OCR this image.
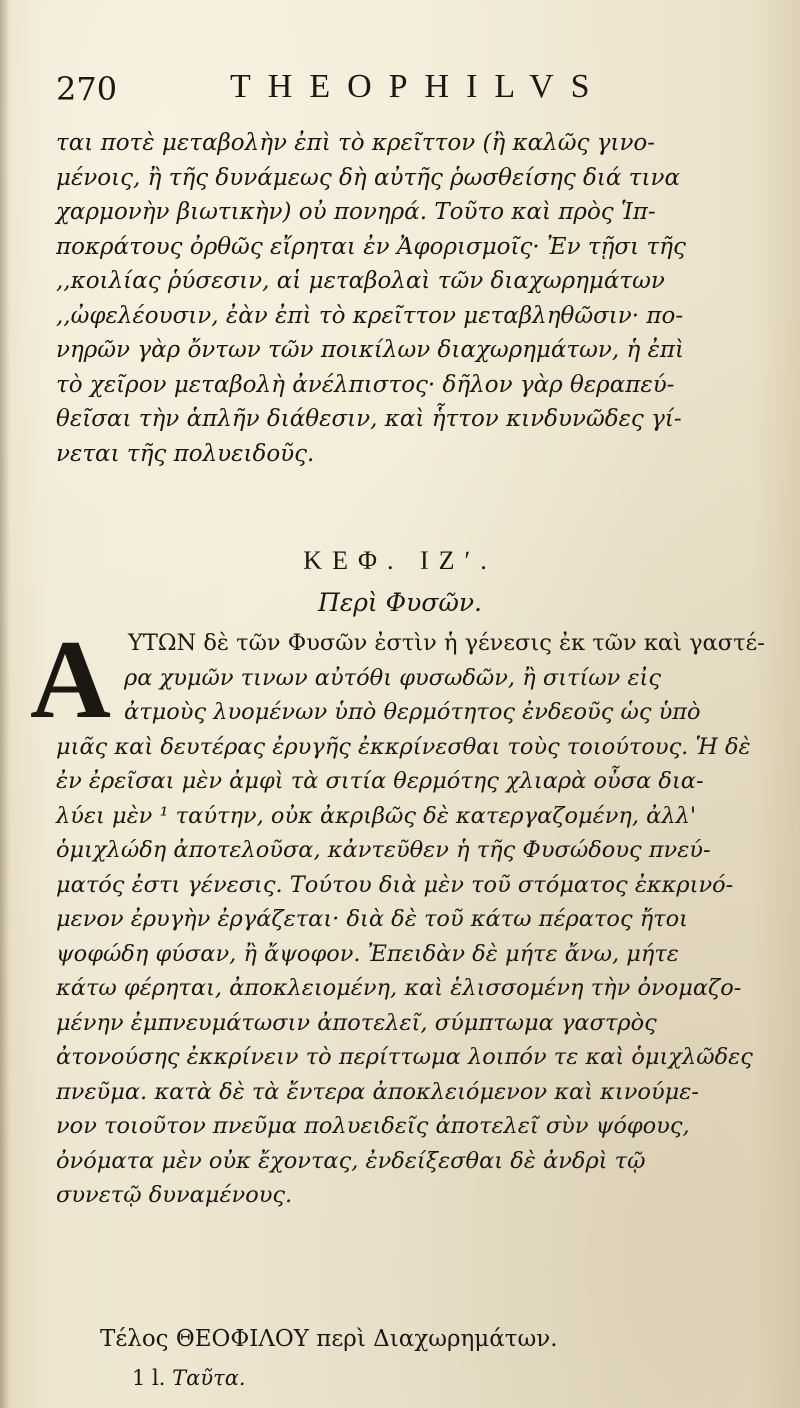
270	THEOPHILVS
ται ποτὲ μεταβολὴν ἐπὶ τὸ κρεῖττον (ἢ καλῶς γινο-
μένοις, ἢ τῆς δυνάμεως δὴ αὐτῆς ῥωσθείσης διά τινα
χαρμονὴν βιωτικὴν) οὐ πονηρά. Τοῦτο καὶ πρὸς Ἱπ-
ποκράτους ὀρθῶς εἴρηται ἐν Ἀφορισμοῖς· Ἐν τῇσι τῆς
,,κοιλίας ῥύσεσιν, αἱ μεταβολαὶ τῶν διαχωρημάτων
,,ὠφελέουσιν, ἐὰν ἐπὶ τὸ κρεῖττον μεταβληθῶσιν· πο-
νηρῶν γὰρ ὄντων τῶν ποικίλων διαχωρημάτων, ἡ ἐπὶ
τὸ χεῖρον μεταβολὴ ἀνέλπιστος· δῆλον γὰρ θεραπεύ-
θεῖσαι τὴν ἁπλῆν διάθεσιν, καὶ ἧττον κινδυνῶδες γί-
νεται τῆς πολυειδοῦς.
ΚΕΦ. ΙΖʹ.
Περὶ Φυσῶν.
Α ΥΤΩΝ δὲ τῶν Φυσῶν ἐστὶν ἡ γένεσις ἐκ τῶν καὶ γαστέ-
ρα χυμῶν τινων αὐτόθι φυσωδῶν, ἢ σιτίων εἰς
ἀτμοὺς λυομένων ὑπὸ θερμότητος ἐνδεοῦς ὡς ὑπὸ
μιᾶς καὶ δευτέρας ἐρυγῆς ἐκκρίνεσθαι τοὺς τοιούτους. Ἡ δὲ
ἐν ἐρεῖσαι μὲν ἀμφὶ τὰ σιτία θερμότης χλιαρὰ οὖσα δια-
λύει μὲν ¹ ταύτην, οὐκ ἀκριβῶς δὲ κατεργαζομένη, ἀλλ'
ὁμιχλώδη ἀποτελοῦσα, κἀντεῦθεν ἡ τῆς Φυσώδους πνεύ-
ματός ἐστι γένεσις. Τούτου διὰ μὲν τοῦ στόματος ἐκκρινό-
μενον ἐρυγὴν ἐργάζεται· διὰ δὲ τοῦ κάτω πέρατος ἤτοι
ψοφώδη φύσαν, ἢ ἄψοφον. Ἐπειδὰν δὲ μήτε ἄνω, μήτε
κάτω φέρηται, ἀποκλειομένη, καὶ ἑλισσομένη τὴν ὀνομαζο-
μένην ἐμπνευμάτωσιν ἀποτελεῖ, σύμπτωμα γαστρὸς
ἀτονούσης ἐκκρίνειν τὸ περίττωμα λοιπόν τε καὶ ὁμιχλῶδες
πνεῦμα. κατὰ δὲ τὰ ἔντερα ἀποκλειόμενον καὶ κινούμε-
νον τοιοῦτον πνεῦμα πολυειδεῖς ἀποτελεῖ σὺν ψόφους,
ὀνόματα μὲν οὐκ ἔχοντας, ἐνδείξεσθαι δὲ ἀνδρὶ τῷ
συνετῷ δυναμένους.
Τέλος ΘΕΟΦΙΛΟΥ περὶ Διαχωρημάτων.
1 l. Ταῦτα.
